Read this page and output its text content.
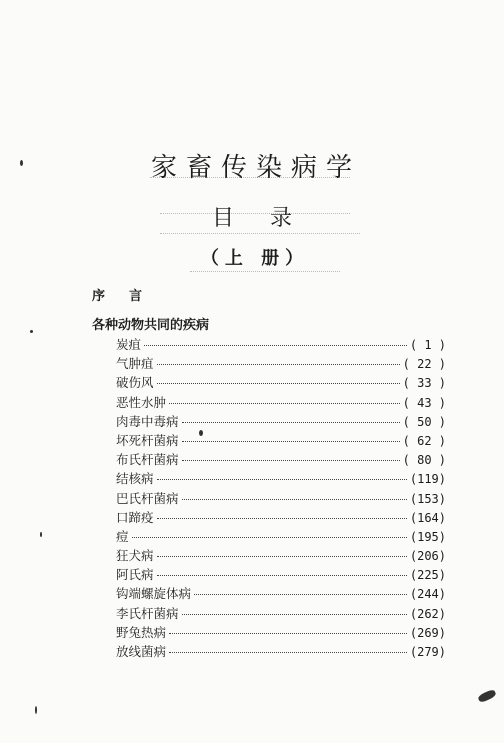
家畜传染病学
目录
（上 册）
序言
各种动物共同的疾病
炭疽	( 1 )
气肿疽	( 22 )
破伤风	( 33 )
恶性水肿	( 43 )
肉毒中毒病	( 50 )
坏死杆菌病	( 62 )
布氏杆菌病	( 80 )
结核病	(119)
巴氏杆菌病	(153)
口蹄疫	(164)
痘	(195)
狂犬病	(206)
阿氏病	(225)
钩端螺旋体病	(244)
李氏杆菌病	(262)
野兔热病	(269)
放线菌病	(279)
